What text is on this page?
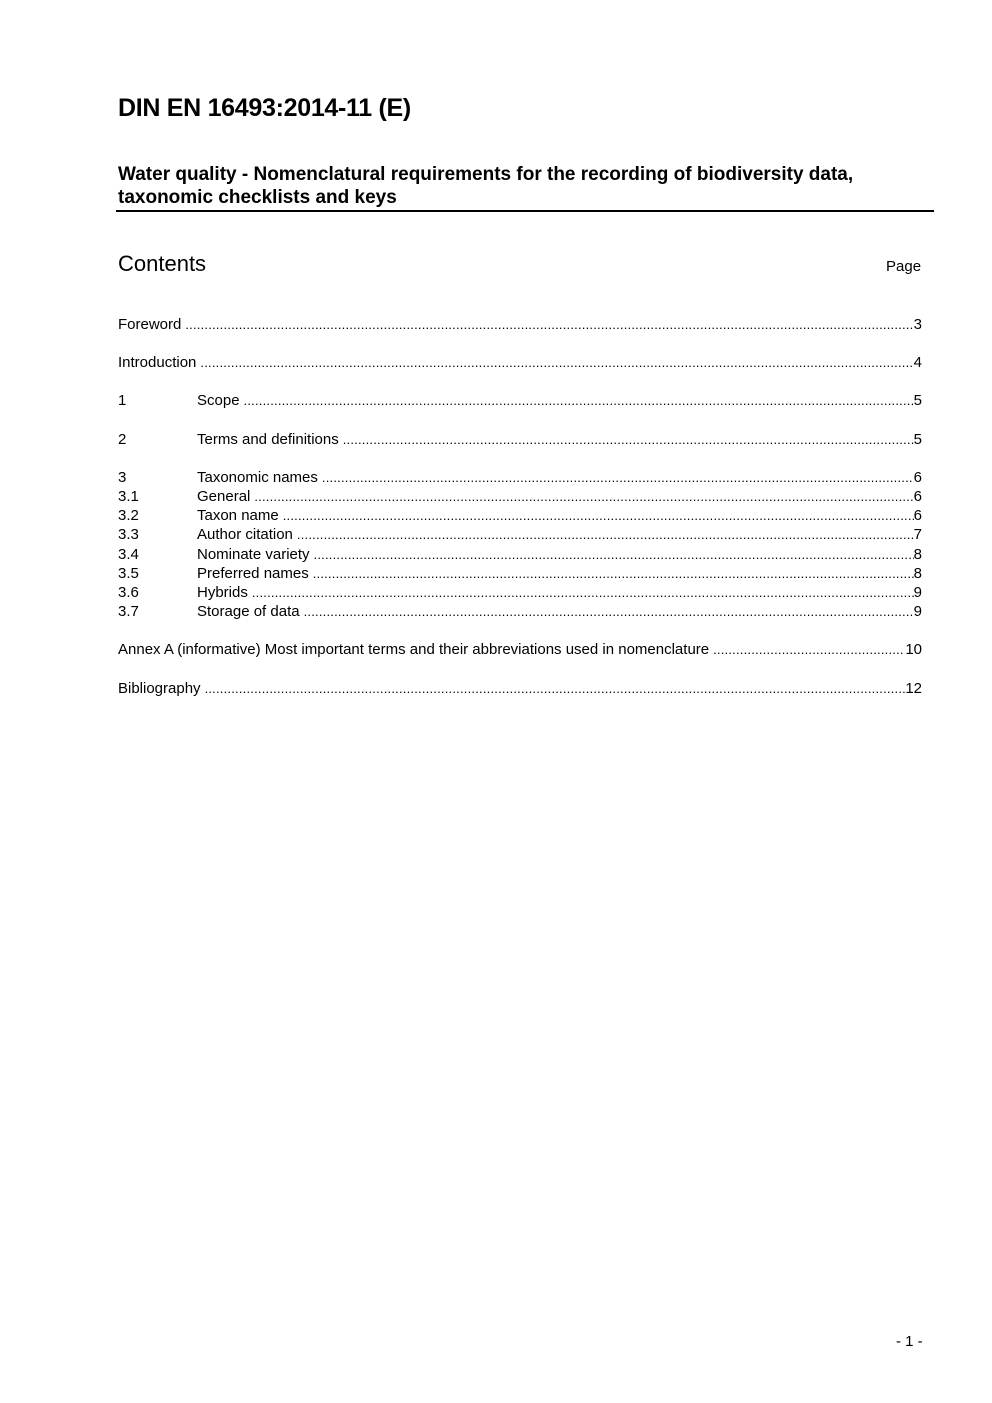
DIN EN 16493:2014-11 (E)
Water quality - Nomenclatural requirements for the recording of biodiversity data, taxonomic checklists and keys
Contents	Page
Foreword .....	3
Introduction .....	4
1	Scope .....	5
2	Terms and definitions .....	5
3	Taxonomic names .....	6
3.1	General .....	6
3.2	Taxon name .....	6
3.3	Author citation .....	7
3.4	Nominate variety .....	8
3.5	Preferred names .....	8
3.6	Hybrids .....	9
3.7	Storage of data .....	9
Annex A (informative) Most important terms and their abbreviations used in nomenclature .....	10
Bibliography .....	12
- 1 -
